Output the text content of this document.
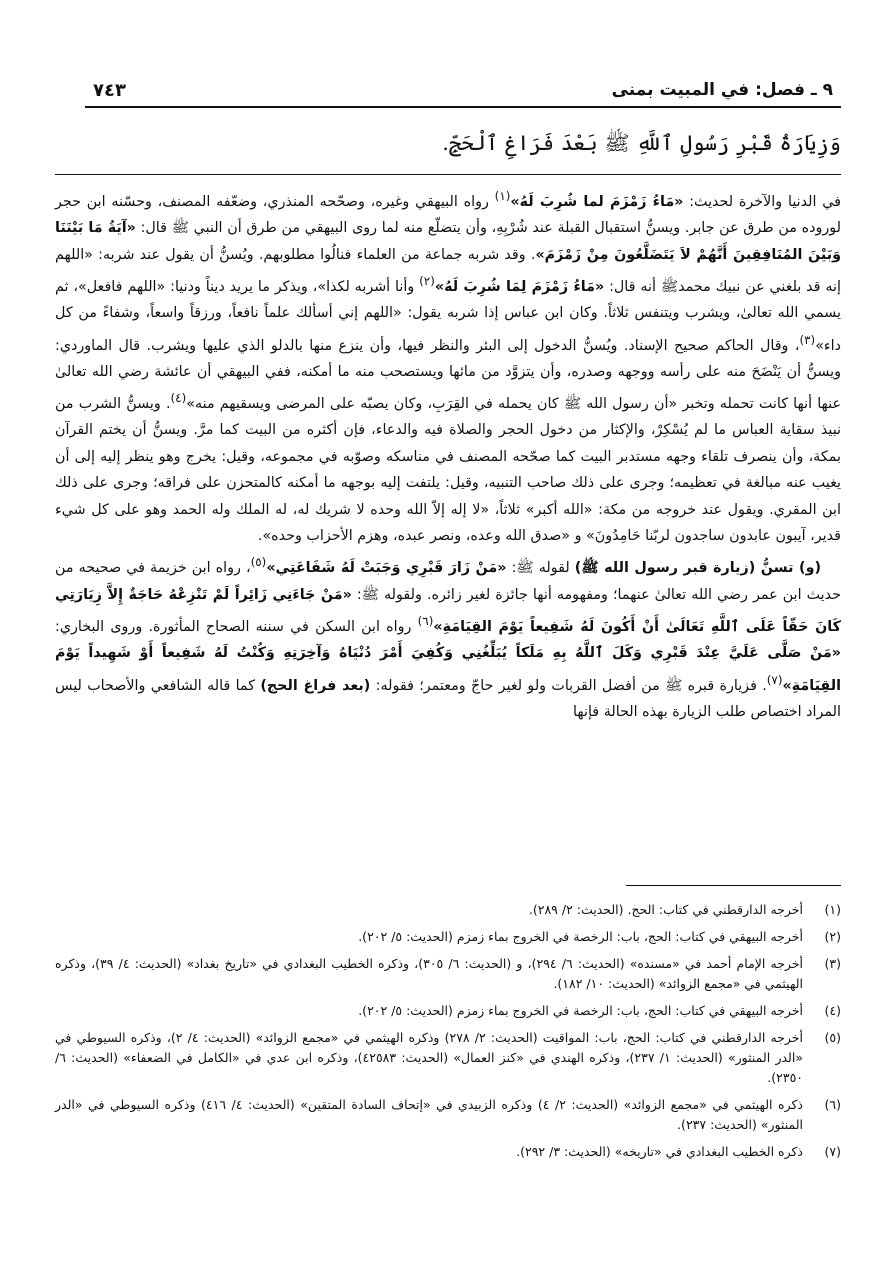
٧٤٣	٩ ـ فصل: في المبيت بمنى
وَزِيَارَةُ قَبْرِ رَسُولِ ٱللَّهِ ﷺ بَعْدَ فَرَاغِ ٱلْحَجِّ.

في الدنيا والآخرة لحديث: «مَاءُ زَمْزَمَ لما شُرِبَ لَهُ»$^{(١)}$ رواه البيهقي وغيره، وصحّحه المنذري، وضعّفه المصنف، وحسّنه ابن حجر لوروده من طرق عن جابر. ويسنُّ استقبال القبلة عند شُرْبِهِ، وأن يتضلّع منه لما روى البيهقي من طرق أن النبي ﷺ قال: «آيَةُ مَا بَيْنَنَا وَبَيْنَ المُنَافِقِينَ أَنَّهُمْ لاَ يَتَضَلَّعُونَ مِنْ زَمْزَمَ». وقد شربه جماعة من العلماء فنالُوا مطلوبهم. ويُسنُّ أن يقول عند شربه: «اللهم إنه قد بلغني عن نبيك محمدﷺ أنه قال: «مَاءُ زَمْزَمَ لِمَا شُرِبَ لَهُ»$^{(٢)}$ وأنا أشربه لكذا»، ويذكر ما يريد ديناً ودنيا: «اللهم فافعل»، ثم يسمي الله تعالىٰ، ويشرب ويتنفس ثلاثاً. وكان ابن عباس إذا شربه يقول: «اللهم إني أسألك علماً نافعاً، ورزقاً واسعاً، وشفاءً من كل داء»$^{(٣)}$، وقال الحاكم صحيح الإسناد. ويُسنُّ الدخول إلى البئر والنظر فيها، وأن ينزع منها بالدلو الذي عليها ويشرب. قال الماوردي: ويسنُّ أن يَنْضَحَ منه على رأسه ووجهه وصدره، وأن يتزوَّد من مائها ويستصحب منه ما أمكنه، ففي البيهقي أن عائشة رضي الله تعالىٰ عنها أنها كانت تحمله وتخبر «أن رسول الله ﷺ كان يحمله في القِرَبِ، وكان يصبّه على المرضى ويسقيهم منه»$^{(٤)}$. ويسنُّ الشرب من نبيذ سقاية العباس ما لم يُسْكِرْ، والإكثار من دخول الحجر والصلاة فيه والدعاء، فإن أكثره من البيت كما مرَّ. ويسنُّ أن يختم القرآن بمكة، وأن ينصرف تلقاء وجهه مستدبر البيت كما صحّحه المصنف في مناسكه وصوّبه في مجموعه، وقيل: يخرج وهو ينظر إليه إلى أن يغيب عنه مبالغة في تعظيمه؛ وجرى على ذلك صاحب التنبيه، وقيل: يلتفت إليه بوجهه ما أمكنه كالمتحزن على فراقه؛ وجرى على ذلك ابن المقري. ويقول عند خروجه من مكة: «الله أكبر» ثلاثاً، «لا إله إلاّ الله وحده لا شريك له، له الملك وله الحمد وهو على كل شيء قدير، آيبون عابدون ساجدون لربّنا حَامِدُونَ» و «صدق الله وعده، ونصر عبده، وهزم الأحزاب وحده».

(و) تسنُّ (زيارة قبر رسول الله ﷺ) لقوله ﷺ: «مَنْ زَارَ قَبْرِي وَجَبَتْ لَهُ شَفَاعَتِي»$^{(٥)}$، رواه ابن خزيمة في صحيحه من حديث ابن عمر رضي الله تعالىٰ عنهما؛ ومفهومه أنها جائزة لغير زائره. ولقوله ﷺ: «مَنْ جَاءَنِي زَائِراً لَمْ تَنْزِعْهُ حَاجَةٌ إِلاَّ زِيَارَتِي كَانَ حَقّاً عَلَى ٱللَّهِ تَعَالَىٰ أَنْ أَكُونَ لَهُ شَفِيعاً يَوْمَ القِيَامَةِ»$^{(٦)}$ رواه ابن السكن في سننه الصحاح المأثورة. وروى البخاري: «مَنْ صَلَّى عَلَيَّ عِنْدَ قَبْرِي وَكَلَ ٱللَّهُ بِهِ مَلَكاً يُبَلِّغُنِي وَكُفِيَ أَمْرَ دُنْيَاهُ وَآخِرَتِهِ وَكُنْتُ لَهُ شَفِيعاً أَوْ شَهِيداً يَوْمَ القِيَامَةِ»$^{(٧)}$. فزيارة قبره ﷺ من أفضل القربات ولو لغير حاجّ ومعتمر؛ فقوله: (بعد فراغ الحج) كما قاله الشافعي والأصحاب ليس المراد اختصاص طلب الزيارة بهذه الحالة فإنها

(١)
أخرجه الدارقطني في كتاب: الحج. (الحديث: ٢/ ٢٨٩).
(٢)
أخرجه البيهقي في كتاب: الحج، باب: الرخصة في الخروج بماء زمزم (الحديث: ٥/ ٢٠٢).
(٣)
أخرجه الإمام أحمد في «مسنده» (الحديث: ٦/ ٢٩٤)، و (الحديث: ٦/ ٣٠٥)، وذكره الخطيب البغدادي في «تاريخ بغداد» (الحديث: ٤/ ٣٩)، وذكره الهيثمي في «مجمع الزوائد» (الحديث: ١٠/ ١٨٢).
(٤)
أخرجه البيهقي في كتاب: الحج، باب: الرخصة في الخروج بماء زمزم (الحديث: ٥/ ٢٠٢).
(٥)
أخرجه الدارقطني في كتاب: الحج، باب: المواقيت (الحديث: ٢/ ٢٧٨) وذكره الهيثمي في «مجمع الزوائد» (الحديث: ٤/ ٢)، وذكره السيوطي في «الدر المنثور» (الحديث: ١/ ٢٣٧)، وذكره الهندي في «كنز العمال» (الحديث: ٤٢٥٨٣)، وذكره ابن عدي في «الكامل في الضعفاء» (الحديث: ٦/ ٢٣٥٠).
(٦)
ذكره الهيثمي في «مجمع الزوائد» (الحديث: ٢/ ٤) وذكره الزبيدي في «إتحاف السادة المتقين» (الحديث: ٤/ ٤١٦) وذكره السيوطي في «الدر المنثور» (الحديث: ٢٣٧).
(٧)
ذكره الخطيب البغدادي في «تاريخه» (الحديث: ٣/ ٢٩٢).
